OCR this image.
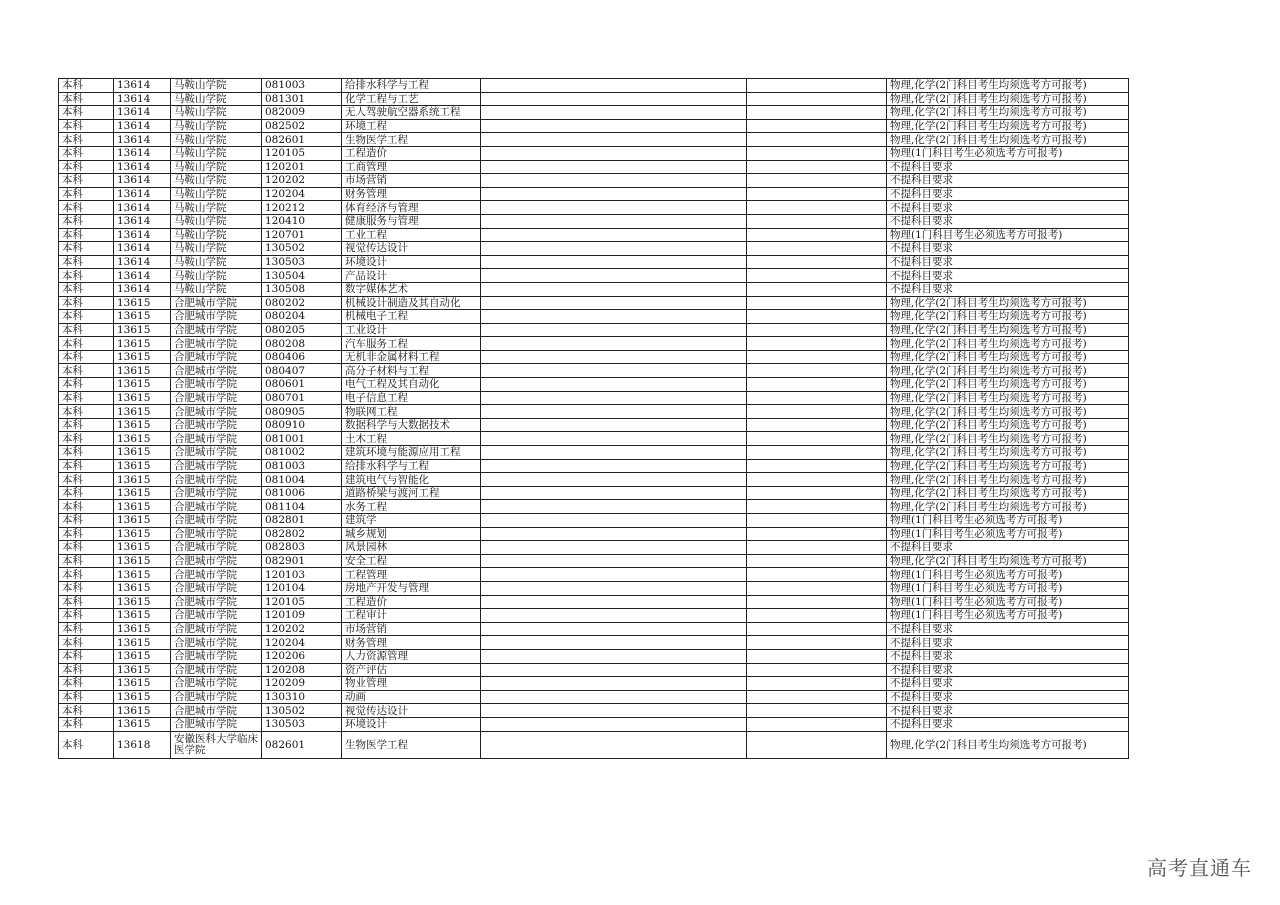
本科	13614	马鞍山学院	081003	给排水科学与工程			物理,化学(2门科目考生均须选考方可报考)
本科	13614	马鞍山学院	081301	化学工程与工艺			物理,化学(2门科目考生均须选考方可报考)
本科	13614	马鞍山学院	082009	无人驾驶航空器系统工程			物理,化学(2门科目考生均须选考方可报考)
本科	13614	马鞍山学院	082502	环境工程			物理,化学(2门科目考生均须选考方可报考)
本科	13614	马鞍山学院	082601	生物医学工程			物理,化学(2门科目考生均须选考方可报考)
本科	13614	马鞍山学院	120105	工程造价			物理(1门科目考生必须选考方可报考)
本科	13614	马鞍山学院	120201	工商管理			不提科目要求
本科	13614	马鞍山学院	120202	市场营销			不提科目要求
本科	13614	马鞍山学院	120204	财务管理			不提科目要求
本科	13614	马鞍山学院	120212	体育经济与管理			不提科目要求
本科	13614	马鞍山学院	120410	健康服务与管理			不提科目要求
本科	13614	马鞍山学院	120701	工业工程			物理(1门科目考生必须选考方可报考)
本科	13614	马鞍山学院	130502	视觉传达设计			不提科目要求
本科	13614	马鞍山学院	130503	环境设计			不提科目要求
本科	13614	马鞍山学院	130504	产品设计			不提科目要求
本科	13614	马鞍山学院	130508	数字媒体艺术			不提科目要求
本科	13615	合肥城市学院	080202	机械设计制造及其自动化			物理,化学(2门科目考生均须选考方可报考)
本科	13615	合肥城市学院	080204	机械电子工程			物理,化学(2门科目考生均须选考方可报考)
本科	13615	合肥城市学院	080205	工业设计			物理,化学(2门科目考生均须选考方可报考)
本科	13615	合肥城市学院	080208	汽车服务工程			物理,化学(2门科目考生均须选考方可报考)
本科	13615	合肥城市学院	080406	无机非金属材料工程			物理,化学(2门科目考生均须选考方可报考)
本科	13615	合肥城市学院	080407	高分子材料与工程			物理,化学(2门科目考生均须选考方可报考)
本科	13615	合肥城市学院	080601	电气工程及其自动化			物理,化学(2门科目考生均须选考方可报考)
本科	13615	合肥城市学院	080701	电子信息工程			物理,化学(2门科目考生均须选考方可报考)
本科	13615	合肥城市学院	080905	物联网工程			物理,化学(2门科目考生均须选考方可报考)
本科	13615	合肥城市学院	080910	数据科学与大数据技术			物理,化学(2门科目考生均须选考方可报考)
本科	13615	合肥城市学院	081001	土木工程			物理,化学(2门科目考生均须选考方可报考)
本科	13615	合肥城市学院	081002	建筑环境与能源应用工程			物理,化学(2门科目考生均须选考方可报考)
本科	13615	合肥城市学院	081003	给排水科学与工程			物理,化学(2门科目考生均须选考方可报考)
本科	13615	合肥城市学院	081004	建筑电气与智能化			物理,化学(2门科目考生均须选考方可报考)
本科	13615	合肥城市学院	081006	道路桥梁与渡河工程			物理,化学(2门科目考生均须选考方可报考)
本科	13615	合肥城市学院	081104	水务工程			物理,化学(2门科目考生均须选考方可报考)
本科	13615	合肥城市学院	082801	建筑学			物理(1门科目考生必须选考方可报考)
本科	13615	合肥城市学院	082802	城乡规划			物理(1门科目考生必须选考方可报考)
本科	13615	合肥城市学院	082803	风景园林			不提科目要求
本科	13615	合肥城市学院	082901	安全工程			物理,化学(2门科目考生均须选考方可报考)
本科	13615	合肥城市学院	120103	工程管理			物理(1门科目考生必须选考方可报考)
本科	13615	合肥城市学院	120104	房地产开发与管理			物理(1门科目考生必须选考方可报考)
本科	13615	合肥城市学院	120105	工程造价			物理(1门科目考生必须选考方可报考)
本科	13615	合肥城市学院	120109	工程审计			物理(1门科目考生必须选考方可报考)
本科	13615	合肥城市学院	120202	市场营销			不提科目要求
本科	13615	合肥城市学院	120204	财务管理			不提科目要求
本科	13615	合肥城市学院	120206	人力资源管理			不提科目要求
本科	13615	合肥城市学院	120208	资产评估			不提科目要求
本科	13615	合肥城市学院	120209	物业管理			不提科目要求
本科	13615	合肥城市学院	130310	动画			不提科目要求
本科	13615	合肥城市学院	130502	视觉传达设计			不提科目要求
本科	13615	合肥城市学院	130503	环境设计			不提科目要求
本科	13618	安徽医科大学临床医学院	082601	生物医学工程			物理,化学(2门科目考生均须选考方可报考)
高考直通车
